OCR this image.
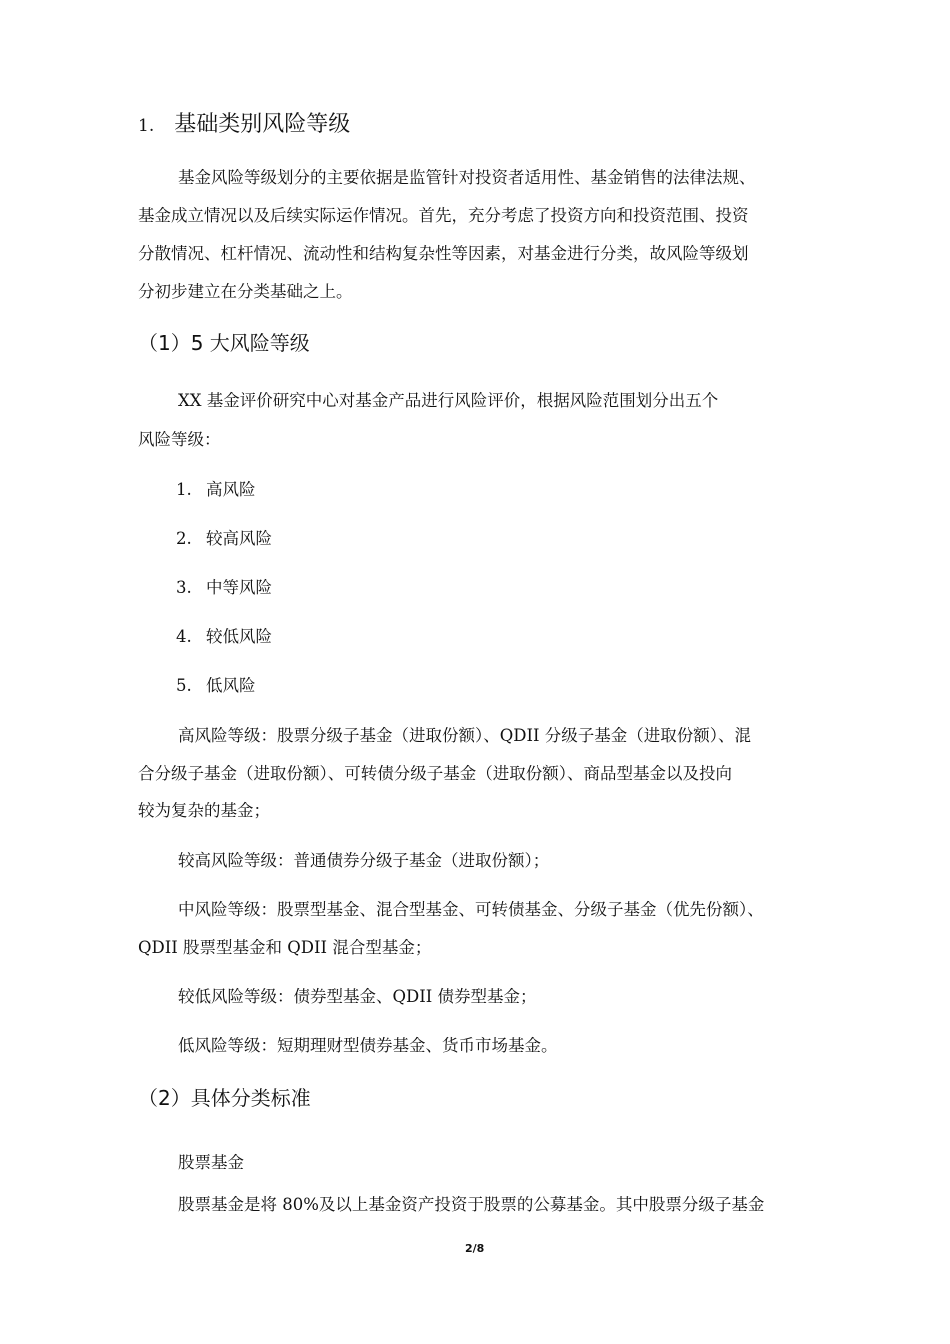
1. 基础类别风险等级
基金风险等级划分的主要依据是监管针对投资者适用性、基金销售的法律法规、
基金成立情况以及后续实际运作情况。首先，充分考虑了投资方向和投资范围、投资
分散情况、杠杆情况、流动性和结构复杂性等因素，对基金进行分类，故风险等级划
分初步建立在分类基础之上。
（1）5 大风险等级
XX 基金评价研究中心对基金产品进行风险评价，根据风险范围划分出五个
风险等级：
1. 高风险
2. 较高风险
3. 中等风险
4. 较低风险
5. 低风险
高风险等级：股票分级子基金（进取份额）、QDII 分级子基金（进取份额）、混
合分级子基金（进取份额）、可转债分级子基金（进取份额）、商品型基金以及投向
较为复杂的基金；
较高风险等级：普通债券分级子基金（进取份额）；
中风险等级：股票型基金、混合型基金、可转债基金、分级子基金（优先份额）、
QDII 股票型基金和 QDII 混合型基金；
较低风险等级：债券型基金、QDII 债券型基金；
低风险等级：短期理财型债券基金、货币市场基金。
（2）具体分类标准
股票基金
股票基金是将 80%及以上基金资产投资于股票的公募基金。其中股票分级子基金
2/8
